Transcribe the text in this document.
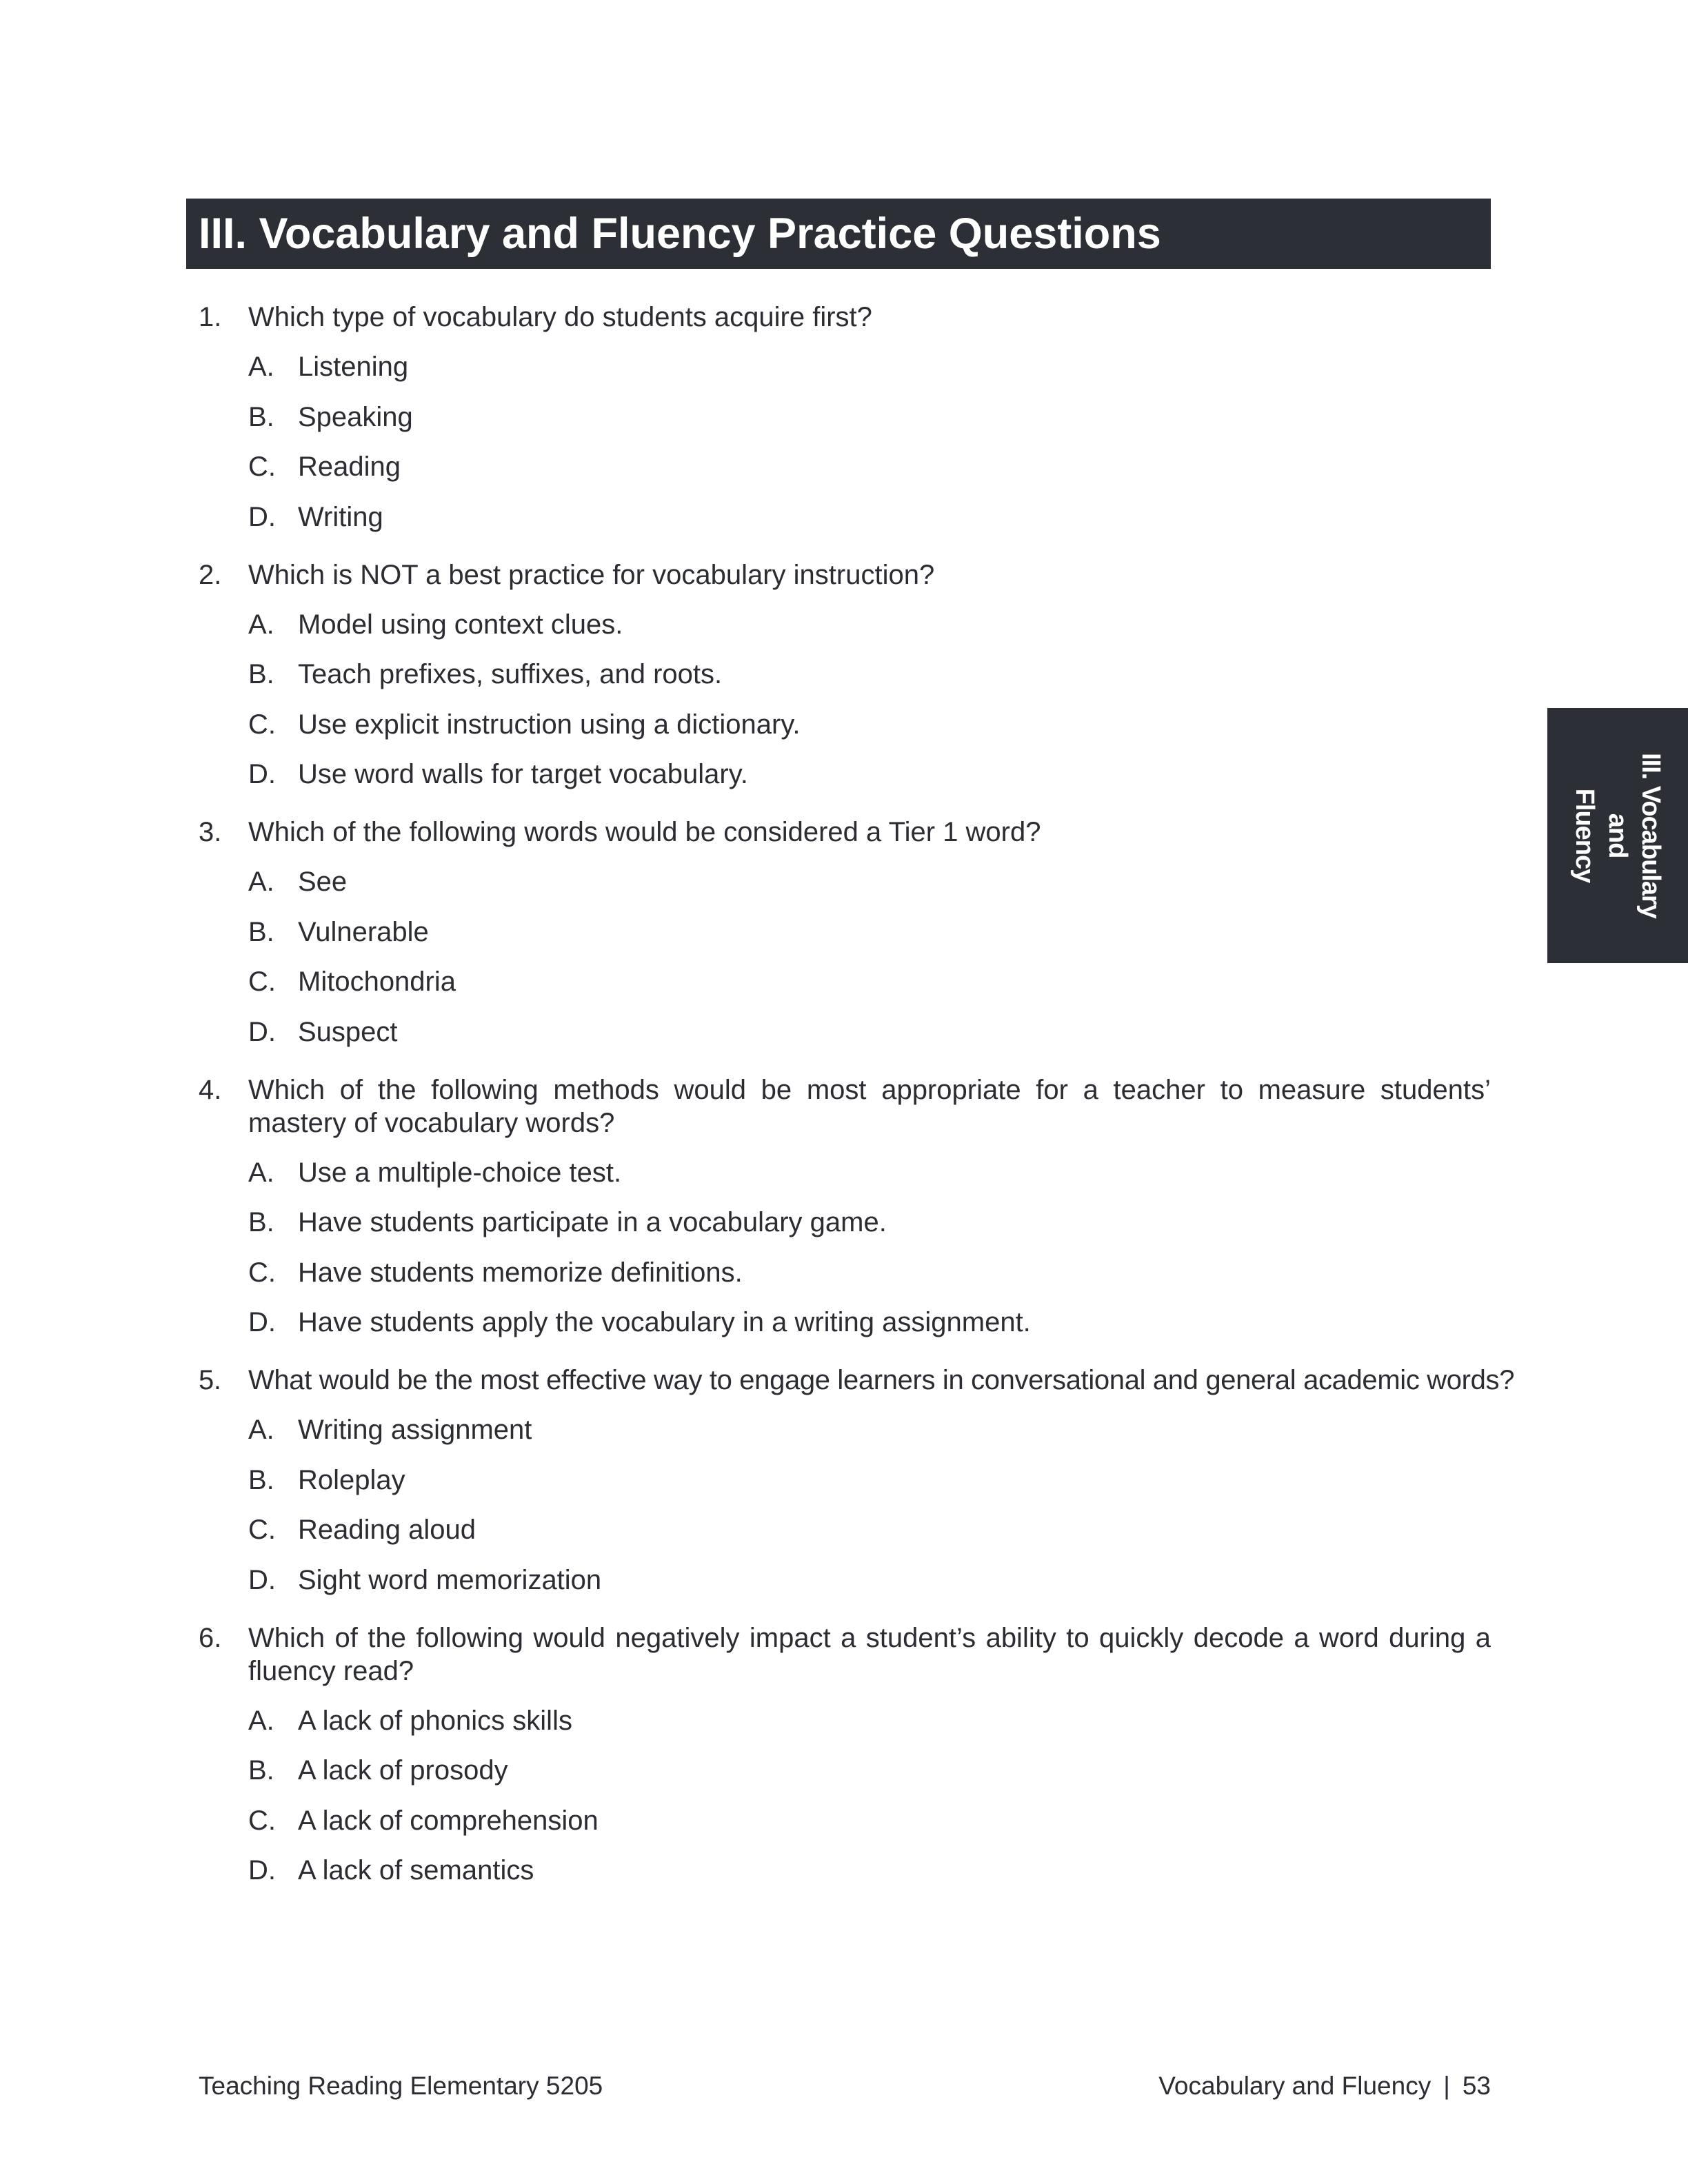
III. Vocabulary and Fluency Practice Questions
1. Which type of vocabulary do students acquire first?
A. Listening
B. Speaking
C. Reading
D. Writing
2. Which is NOT a best practice for vocabulary instruction?
A. Model using context clues.
B. Teach prefixes, suffixes, and roots.
C. Use explicit instruction using a dictionary.
D. Use word walls for target vocabulary.
3. Which of the following words would be considered a Tier 1 word?
A. See
B. Vulnerable
C. Mitochondria
D. Suspect
4. Which of the following methods would be most appropriate for a teacher to measure students’ mastery of vocabulary words?
A. Use a multiple-choice test.
B. Have students participate in a vocabulary game.
C. Have students memorize definitions.
D. Have students apply the vocabulary in a writing assignment.
5. What would be the most effective way to engage learners in conversational and general academic words?
A. Writing assignment
B. Roleplay
C. Reading aloud
D. Sight word memorization
6. Which of the following would negatively impact a student’s ability to quickly decode a word during a fluency read?
A. A lack of phonics skills
B. A lack of prosody
C. A lack of comprehension
D. A lack of semantics
III. Vocabulary and
Fluency
Teaching Reading Elementary 5205	Vocabulary and Fluency | 53
